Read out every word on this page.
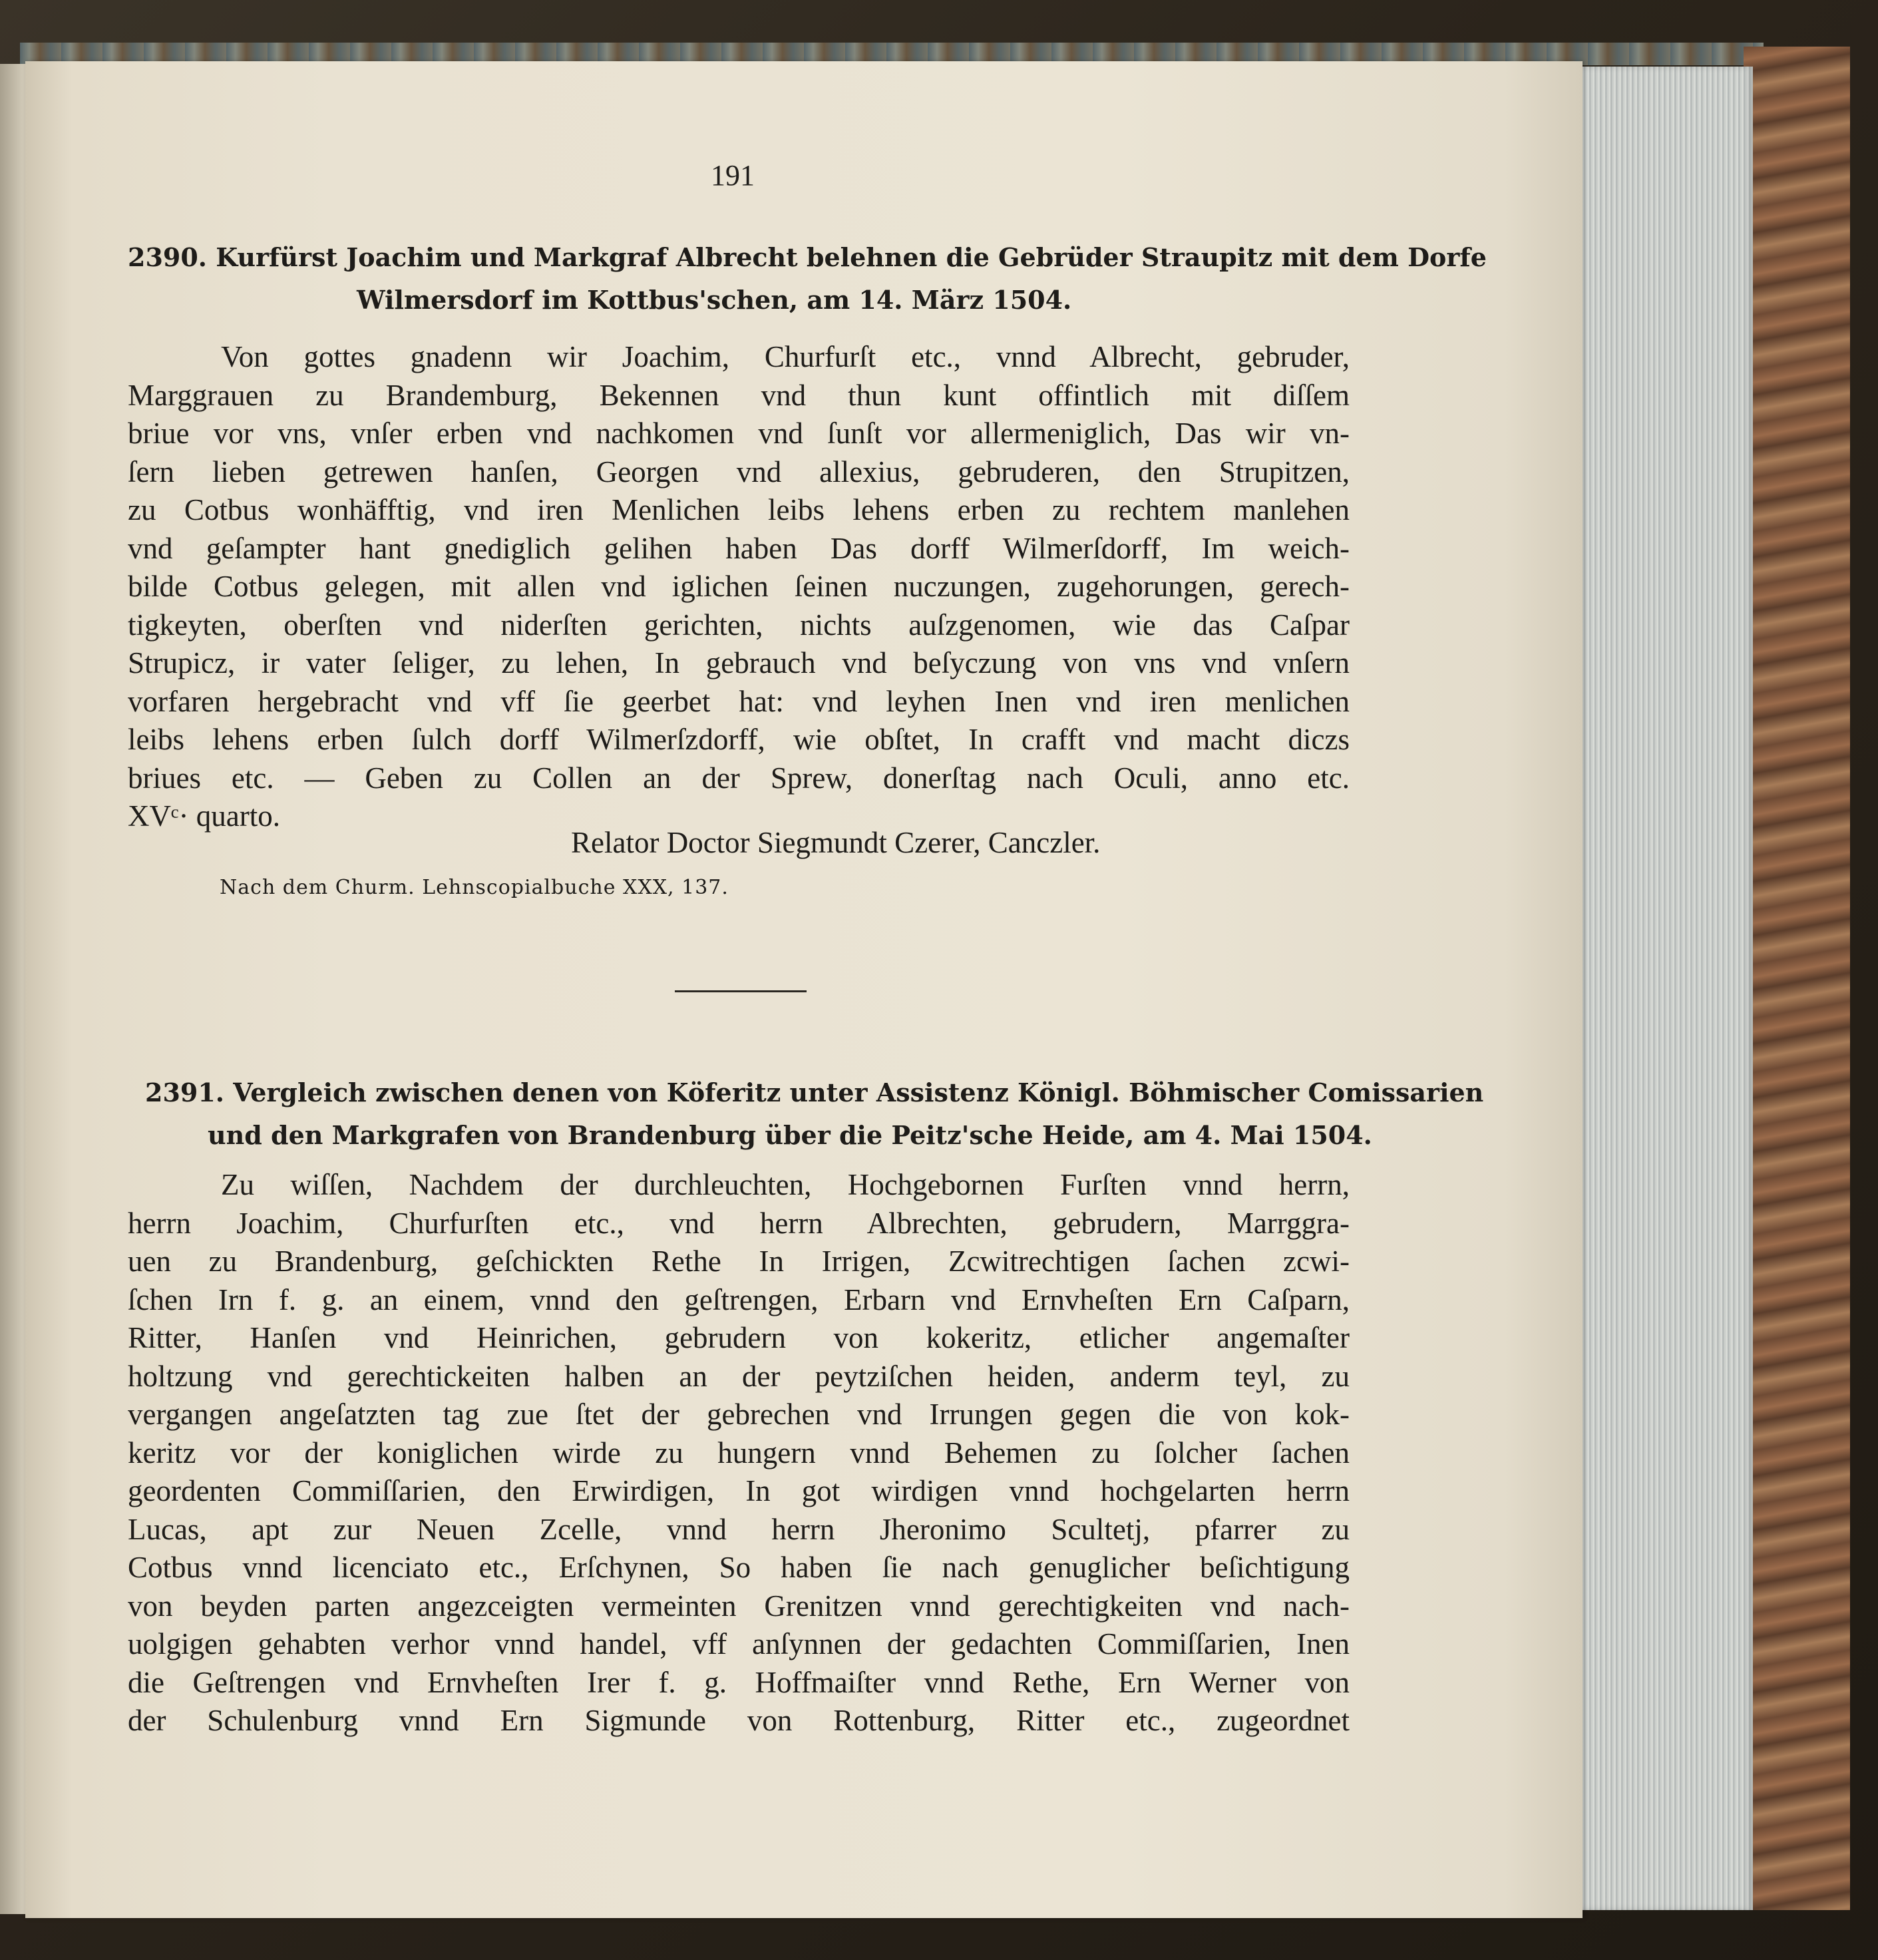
191
2390. Kurfürst Joachim und Markgraf Albrecht belehnen die Gebrüder Straupitz mit dem Dorfe
Wilmersdorf im Kottbus'schen, am 14. März 1504.
Von gottes gnadenn wir Joachim, Churfurſt etc., vnnd Albrecht, gebruder,
Marggrauen zu Brandemburg, Bekennen vnd thun kunt offintlich mit diſſem
briue vor vns, vnſer erben vnd nachkomen vnd ſunſt vor allermeniglich, Das wir vn-
ſern lieben getrewen hanſen, Georgen vnd allexius, gebruderen, den Strupitzen,
zu Cotbus wonhäfftig, vnd iren Menlichen leibs lehens erben zu rechtem manlehen
vnd geſampter hant gnediglich gelihen haben Das dorff Wilmerſdorff, Im weich-
bilde Cotbus gelegen, mit allen vnd iglichen ſeinen nuczungen, zugehorungen, gerech-
tigkeyten, oberſten vnd niderſten gerichten, nichts auſzgenomen, wie das Caſpar
Strupicz, ir vater ſeliger, zu lehen, In gebrauch vnd beſyczung von vns vnd vnſern
vorfaren hergebracht vnd vff ſie geerbet hat: vnd leyhen Inen vnd iren menlichen
leibs lehens erben ſulch dorff Wilmerſzdorff, wie obſtet, In crafft vnd macht diczs
briues etc. — Geben zu Collen an der Sprew, donerſtag nach Oculi, anno etc.
XVᶜ· quarto.
Relator Doctor Siegmundt Czerer, Canczler.
Nach dem Churm. Lehnscopialbuche XXX, 137.
2391. Vergleich zwischen denen von Köferitz unter Assistenz Königl. Böhmischer Comissarien
und den Markgrafen von Brandenburg über die Peitz'sche Heide, am 4. Mai 1504.
Zu wiſſen, Nachdem der durchleuchten, Hochgebornen Furſten vnnd herrn,
herrn Joachim, Churfurſten etc., vnd herrn Albrechten, gebrudern, Marrggra-
uen zu Brandenburg, geſchickten Rethe In Irrigen, Zcwitrechtigen ſachen zcwi-
ſchen Irn f. g. an einem, vnnd den geſtrengen, Erbarn vnd Ernvheſten Ern Caſparn,
Ritter, Hanſen vnd Heinrichen, gebrudern von kokeritz, etlicher angemaſter
holtzung vnd gerechtickeiten halben an der peytziſchen heiden, anderm teyl, zu
vergangen angeſatzten tag zue ſtet der gebrechen vnd Irrungen gegen die von kok-
keritz vor der koniglichen wirde zu hungern vnnd Behemen zu ſolcher ſachen
geordenten Commiſſarien, den Erwirdigen, In got wirdigen vnnd hochgelarten herrn
Lucas, apt zur Neuen Zcelle, vnnd herrn Jheronimo Scultetj, pfarrer zu
Cotbus vnnd licenciato etc., Erſchynen, So haben ſie nach genuglicher beſichtigung
von beyden parten angezceigten vermeinten Grenitzen vnnd gerechtigkeiten vnd nach-
uolgigen gehabten verhor vnnd handel, vff anſynnen der gedachten Commiſſarien, Inen
die Geſtrengen vnd Ernvheſten Irer f. g. Hoffmaiſter vnnd Rethe, Ern Werner von
der Schulenburg vnnd Ern Sigmunde von Rottenburg, Ritter etc., zugeordnet
